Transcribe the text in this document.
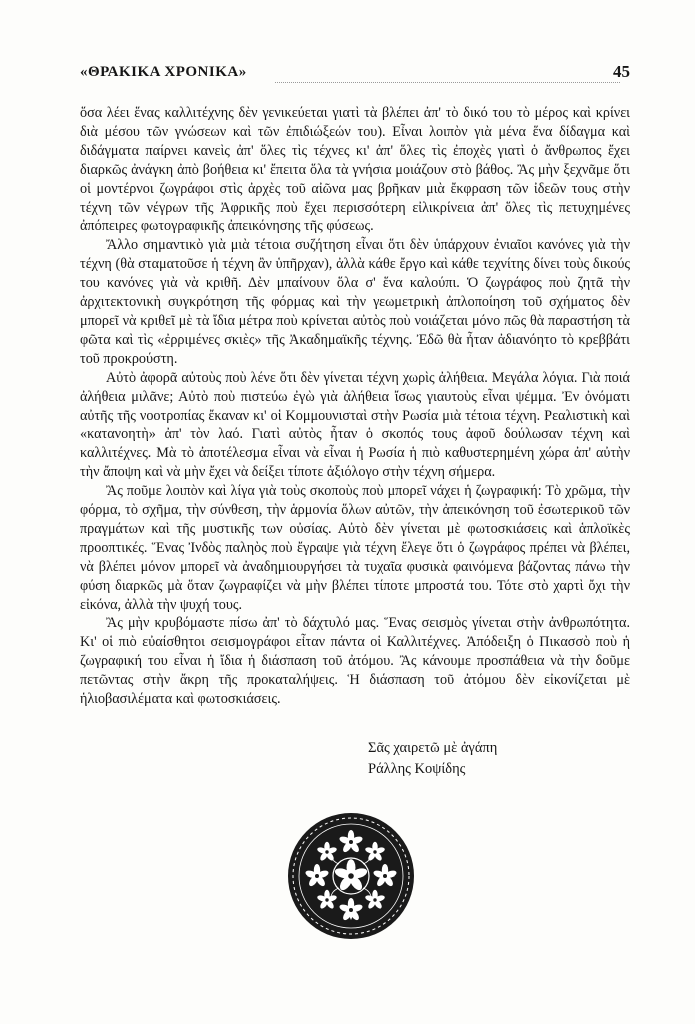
«ΘΡΑΚΙΚΑ ΧΡΟΝΙΚΑ»	45

ὅσα λέει ἕνας καλλιτέχνης δὲν γενικεύεται γιατὶ τὰ βλέπει ἀπ' τὸ δικό του τὸ μέρος καὶ κρίνει διὰ μέσου τῶν γνώσεων καὶ τῶν ἐπιδιώξεών του). Εἶναι λοιπὸν γιὰ μένα ἕνα δίδαγμα καὶ διδάγματα παίρνει κανεὶς ἀπ' ὅλες τὶς τέχνες κι' ἀπ' ὅλες τὶς ἐποχὲς γιατὶ ὁ ἄνθρωπος ἔχει διαρκῶς ἀνάγκη ἀπὸ βοήθεια κι' ἔπειτα ὅλα τὰ γνήσια μοιάζουν στὸ βάθος. Ἂς μὴν ξεχνᾶμε ὅτι οἱ μοντέρνοι ζωγράφοι στὶς ἀρχὲς τοῦ αἰῶνα μας βρῆκαν μιὰ ἔκφραση τῶν ἰδεῶν τους στὴν τέχνη τῶν νέγρων τῆς Ἀφρικῆς ποὺ ἔχει περισσότερη εἰλικρίνεια ἀπ' ὅλες τὶς πετυχημένες ἀπόπειρες φωτογραφικῆς ἀπεικόνησης τῆς φύσεως.

Ἄλλο σημαντικὸ γιὰ μιὰ τέτοια συζήτηση εἶναι ὅτι δὲν ὑπάρχουν ἐνιαῖοι κανόνες γιὰ τὴν τέχνη (θὰ σταματοῦσε ἡ τέχνη ἂν ὑπῆρχαν), ἀλλὰ κάθε ἔργο καὶ κάθε τεχνίτης δίνει τοὺς δικούς του κανόνες γιὰ νὰ κριθῆ. Δὲν μπαίνουν ὅλα σ' ἕνα καλούπι. Ὁ ζωγράφος ποὺ ζητᾶ τὴν ἀρχιτεκτονικὴ συγκρότηση τῆς φόρμας καὶ τὴν γεωμετρικὴ ἀπλοποίηση τοῦ σχήματος δὲν μπορεῖ νὰ κριθεῖ μὲ τὰ ἴδια μέτρα ποὺ κρίνεται αὐτὸς ποὺ νοιάζεται μόνο πῶς θὰ παραστήση τὰ φῶτα καὶ τὶς «ἐρριμένες σκιὲς» τῆς Ἀκαδημαϊκῆς τέχνης. Ἐδῶ θὰ ἦταν ἀδιανόητο τὸ κρεββάτι τοῦ προκρούστη.

Αὐτὸ ἀφορᾶ αὐτοὺς ποὺ λένε ὅτι δὲν γίνεται τέχνη χωρὶς ἀλήθεια. Μεγάλα λόγια. Γιὰ ποιά ἀλήθεια μιλᾶνε; Αὐτὸ ποὺ πιστεύω ἐγὼ γιὰ ἀλήθεια ἴσως γιαυτοὺς εἶναι ψέμμα. Ἐν ὀνόματι αὐτῆς τῆς νοοτροπίας ἔκαναν κι' οἱ Κομμουνισταὶ στὴν Ρωσία μιὰ τέτοια τέχνη. Ρεαλιστικὴ καὶ «κατανοητὴ» ἀπ' τὸν λαό. Γιατὶ αὐτὸς ἦταν ὁ σκοπός τους ἀφοῦ δούλωσαν τέχνη καὶ καλλιτέχνες. Μὰ τὸ ἀποτέλεσμα εἶναι νὰ εἶναι ἡ Ρωσία ἡ πιὸ καθυστερημένη χώρα ἀπ' αὐτὴν τὴν ἄποψη καὶ νὰ μὴν ἔχει νὰ δείξει τίποτε ἀξιόλογο στὴν τέχνη σήμερα.

Ἂς ποῦμε λοιπὸν καὶ λίγα γιὰ τοὺς σκοποὺς ποὺ μπορεῖ νάχει ἡ ζωγραφική: Τὸ χρῶμα, τὴν φόρμα, τὸ σχῆμα, τὴν σύνθεση, τὴν ἁρμονία ὅλων αὐτῶν, τὴν ἀπεικόνηση τοῦ ἐσωτερικοῦ τῶν πραγμάτων καὶ τῆς μυστικῆς των οὐσίας. Αὐτὸ δὲν γίνεται μὲ φωτοσκιάσεις καὶ ἁπλοϊκὲς προοπτικές. Ἕνας Ἰνδὸς παληὸς ποὺ ἔγραψε γιὰ τέχνη ἔλεγε ὅτι ὁ ζωγράφος πρέπει νὰ βλέπει, νὰ βλέπει μόνον μπορεῖ νὰ ἀναδημιουργήσει τὰ τυχαῖα φυσικὰ φαινόμενα βάζοντας πάνω τὴν φύση διαρκῶς μὰ ὅταν ζωγραφίζει νὰ μὴν βλέπει τίποτε μπροστά του. Τότε στὸ χαρτὶ ὄχι τὴν εἰκόνα, ἀλλὰ τὴν ψυχή τους.

Ἂς μὴν κρυβόμαστε πίσω ἀπ' τὸ δάχτυλό μας. Ἕνας σεισμὸς γίνεται στὴν ἀνθρωπότητα. Κι' οἱ πιὸ εὐαίσθητοι σεισμογράφοι εἶταν πάντα οἱ Καλλιτέχνες. Ἀπόδειξη ὁ Πικασσὸ ποὺ ἡ ζωγραφική του εἶναι ἡ ἴδια ἡ διάσπαση τοῦ ἀτόμου. Ἂς κάνουμε προσπάθεια νὰ τὴν δοῦμε πετῶντας στὴν ἄκρη τῆς προκαταλήψεις. Ἡ διάσπαση τοῦ ἀτόμου δὲν εἰκονίζεται μὲ ἡλιοβασιλέματα καὶ φωτοσκιάσεις.

Σᾶς χαιρετῶ μὲ ἀγάπη
Ράλλης Κοψίδης
